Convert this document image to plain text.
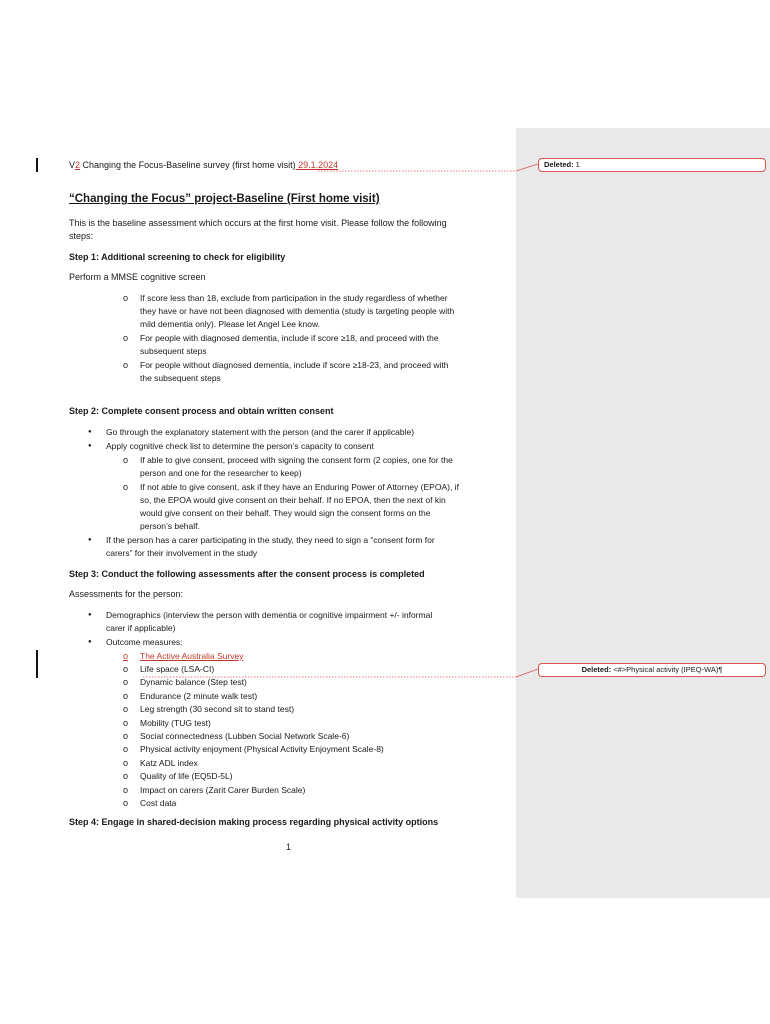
V2 Changing the Focus-Baseline survey (first home visit) 29.1.2024
“Changing the Focus” project-Baseline (First home visit)
This is the baseline assessment which occurs at the first home visit. Please follow the following
steps:
Step 1: Additional screening to check for eligibility
Perform a MMSE cognitive screen
o If score less than 18, exclude from participation in the study regardless of whether
they have or have not been diagnosed with dementia (study is targeting people with
mild dementia only). Please let Angel Lee know.
o For people with diagnosed dementia, include if score ≥18, and proceed with the
subsequent steps
o For people without diagnosed dementia, include if score ≥18-23, and proceed with
the subsequent steps
Step 2: Complete consent process and obtain written consent
● Go through the explanatory statement with the person (and the carer if applicable)
● Apply cognitive check list to determine the person’s capacity to consent
o If able to give consent, proceed with signing the consent form (2 copies, one for the
person and one for the researcher to keep)
o If not able to give consent, ask if they have an Enduring Power of Attorney (EPOA), if
so, the EPOA would give consent on their behalf. If no EPOA, then the next of kin
would give consent on their behalf. They would sign the consent forms on the
person’s behalf.
● If the person has a carer participating in the study, they need to sign a “consent form for
carers” for their involvement in the study
Step 3: Conduct the following assessments after the consent process is completed
Assessments for the person:
● Demographics (interview the person with dementia or cognitive impairment +/- informal
carer if applicable)
● Outcome measures:
o The Active Australia Survey
o Life space (LSA-CI)
o Dynamic balance (Step test)
o Endurance (2 minute walk test)
o Leg strength (30 second sit to stand test)
o Mobility (TUG test)
o Social connectedness (Lubben Social Network Scale-6)
o Physical activity enjoyment (Physical Activity Enjoyment Scale-8)
o Katz ADL index
o Quality of life (EQ5D-5L)
o Impact on carers (Zarit Carer Burden Scale)
o Cost data
Step 4: Engage in shared-decision making process regarding physical activity options
1
Deleted: 1
Deleted: <#>Physical activity (IPEQ-WA)¶
